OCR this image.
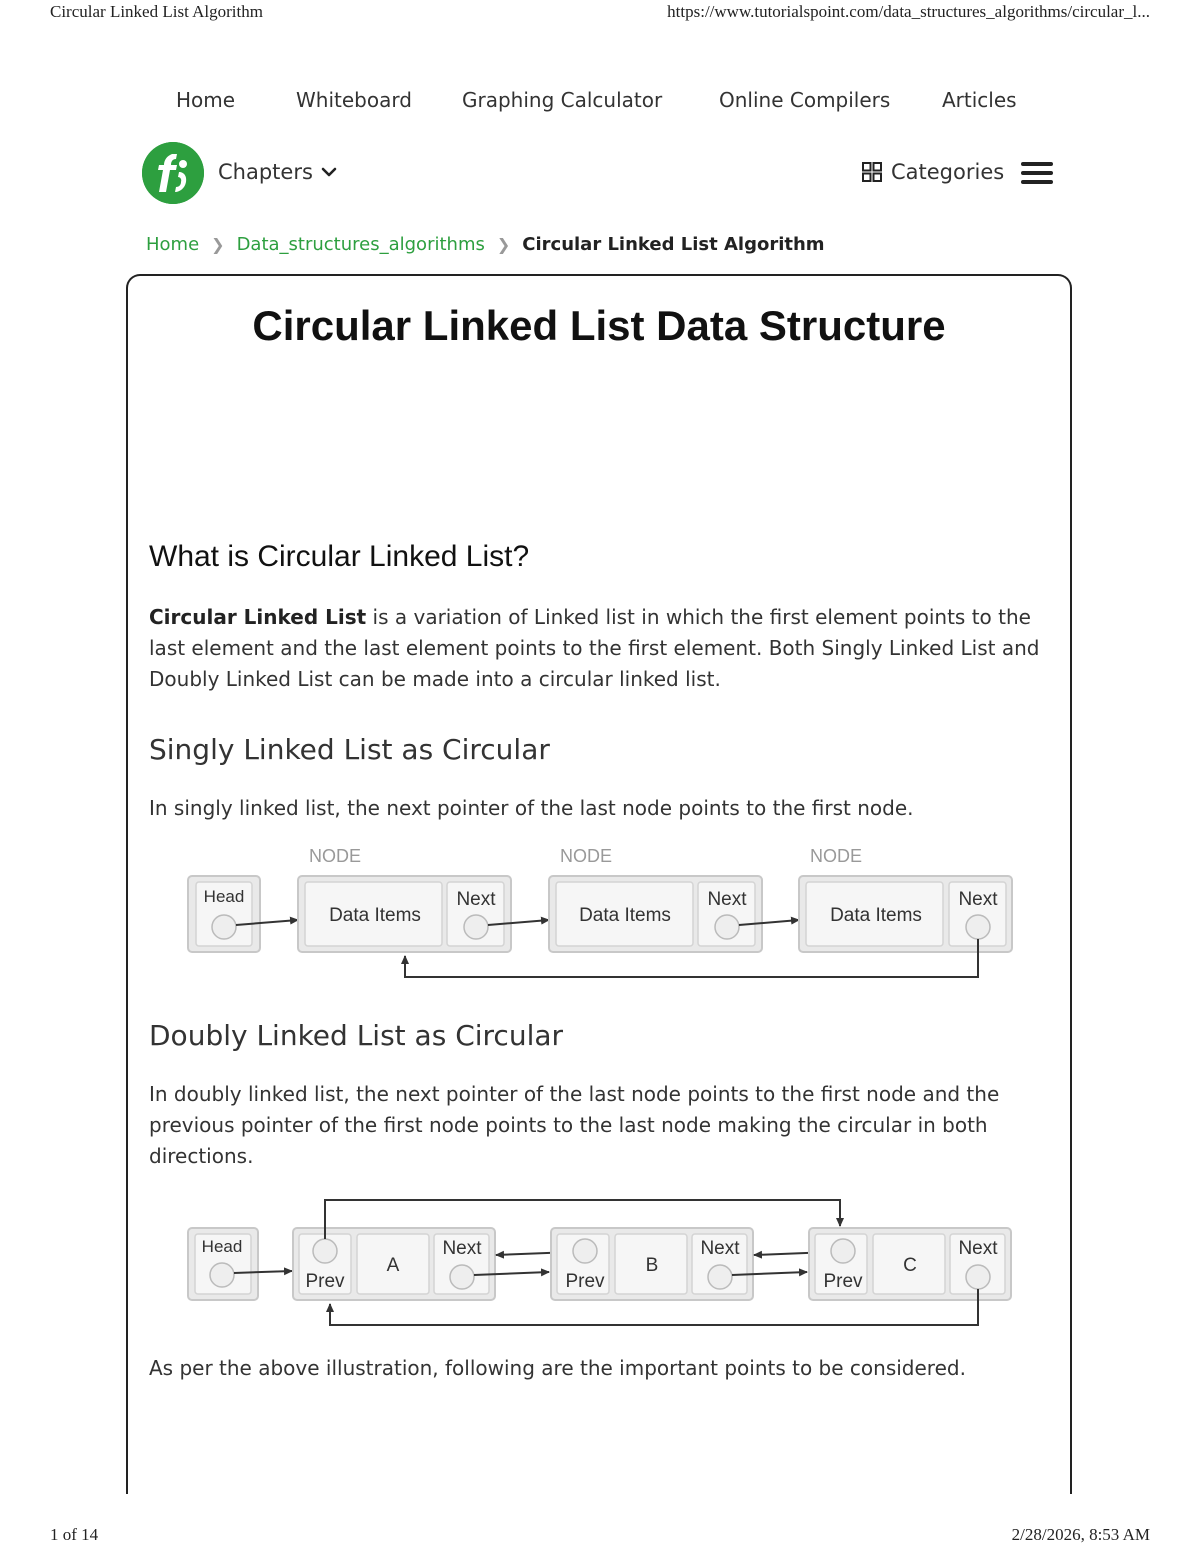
Circular Linked List Algorithm	https://www.tutorialspoint.com/data_structures_algorithms/circular_l...
Home	Whiteboard	Graphing Calculator	Online Compilers	Articles
Chapters	Categories
Home ❯ Data_structures_algorithms ❯ Circular Linked List Algorithm
Circular Linked List Data Structure
What is Circular Linked List?

Circular Linked List is a variation of Linked list in which the first element points to the last element and the last element points to the first element. Both Singly Linked List and Doubly Linked List can be made into a circular linked list.

Singly Linked List as Circular

In singly linked list, the next pointer of the last node points to the first node.

Head
NODE
Data Items
Next
NODE
Data Items
Next
NODE
Data Items
Next
Doubly Linked List as Circular

In doubly linked list, the next pointer of the last node points to the first node and the previous pointer of the first node points to the last node making the circular in both directions.

Head
Prev
A
Next
Prev
B
Next
Prev
C
Next

As per the above illustration, following are the important points to be considered.

1 of 14	2/28/2026, 8:53 AM
